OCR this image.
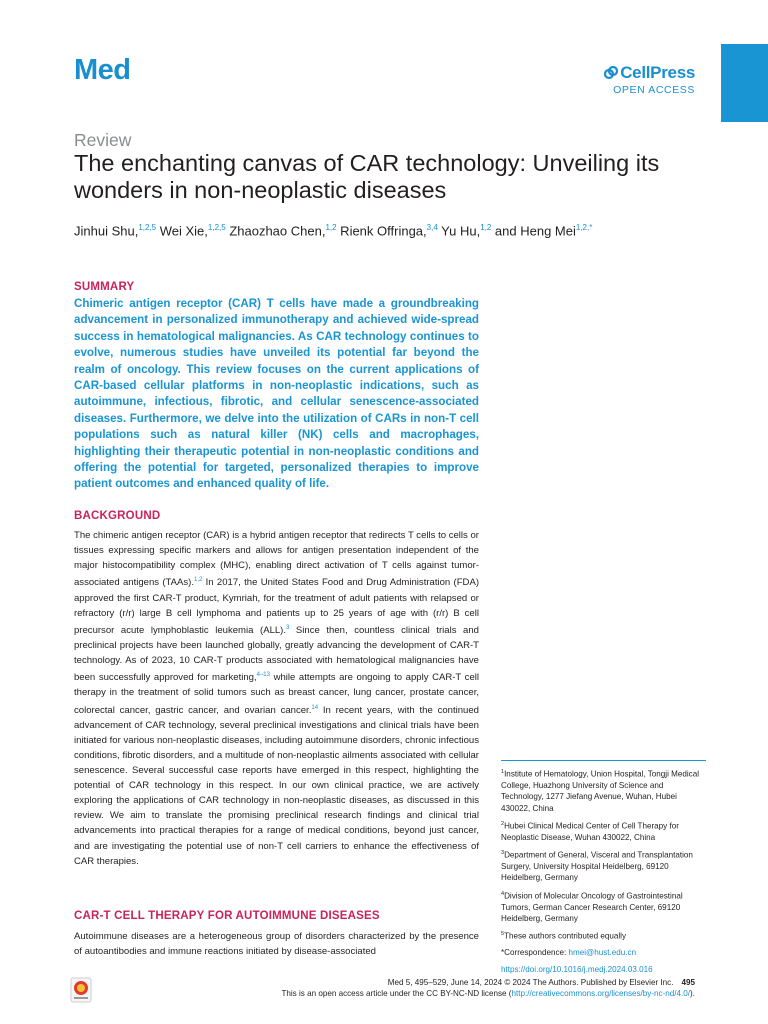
Med	CellPress
OPEN ACCESS
Review
The enchanting canvas of CAR technology: Unveiling its wonders in non-neoplastic diseases
Jinhui Shu,$^{1,2,5}$ Wei Xie,$^{1,2,5}$ Zhaozhao Chen,$^{1,2}$ Rienk Offringa,$^{3,4}$ Yu Hu,$^{1,2}$ and Heng Mei$^{1,2,*}$
SUMMARY

Chimeric antigen receptor (CAR) T cells have made a groundbreaking advancement in personalized immunotherapy and achieved wide-spread success in hematological malignancies. As CAR technology continues to evolve, numerous studies have unveiled its potential far beyond the realm of oncology. This review focuses on the current applications of CAR-based cellular platforms in non-neoplastic indications, such as autoimmune, infectious, fibrotic, and cellular senescence-associated diseases. Furthermore, we delve into the utilization of CARs in non-T cell populations such as natural killer (NK) cells and macrophages, highlighting their therapeutic potential in non-neoplastic conditions and offering the potential for targeted, personalized therapies to improve patient outcomes and enhanced quality of life.

BACKGROUND

The chimeric antigen receptor (CAR) is a hybrid antigen receptor that redirects T cells to cells or tissues expressing specific markers and allows for antigen presentation independent of the major histocompatibility complex (MHC), enabling direct activation of T cells against tumor-associated antigens (TAAs).$^{1,2}$ In 2017, the United States Food and Drug Administration (FDA) approved the first CAR-T product, Kymriah, for the treatment of adult patients with relapsed or refractory (r/r) large B cell lymphoma and patients up to 25 years of age with (r/r) B cell precursor acute lymphoblastic leukemia (ALL).$^3$ Since then, countless clinical trials and preclinical projects have been launched globally, greatly advancing the development of CAR-T technology. As of 2023, 10 CAR-T products associated with hematological malignancies have been successfully approved for marketing,$^{4-13}$ while attempts are ongoing to apply CAR-T cell therapy in the treatment of solid tumors such as breast cancer, lung cancer, prostate cancer, colorectal cancer, gastric cancer, and ovarian cancer.$^{14}$ In recent years, with the continued advancement of CAR technology, several preclinical investigations and clinical trials have been initiated for various non-neoplastic diseases, including autoimmune disorders, chronic infectious conditions, fibrotic disorders, and a multitude of non-neoplastic ailments associated with cellular senescence. Several successful case reports have emerged in this respect, highlighting the potential of CAR technology in this respect. In our own clinical practice, we are actively exploring the applications of CAR technology in non-neoplastic diseases, as discussed in this review. We aim to translate the promising preclinical research findings and clinical trial advancements into practical therapies for a range of medical conditions, beyond just cancer, and are investigating the potential use of non-T cell carriers to enhance the effectiveness of CAR therapies.

CAR-T CELL THERAPY FOR AUTOIMMUNE DISEASES

Autoimmune diseases are a heterogeneous group of disorders characterized by the presence of autoantibodies and immune reactions initiated by disease-associated

$^1$Institute of Hematology, Union Hospital, Tongji Medical College, Huazhong University of Science and Technology, 1277 Jiefang Avenue, Wuhan, Hubei 430022, China
$^2$Hubei Clinical Medical Center of Cell Therapy for Neoplastic Disease, Wuhan 430022, China
$^3$Department of General, Visceral and Transplantation Surgery, University Hospital Heidelberg, 69120 Heidelberg, Germany
$^4$Division of Molecular Oncology of Gastrointestinal Tumors, German Cancer Research Center, 69120 Heidelberg, Germany
$^5$These authors contributed equally
*Correspondence: hmei@hust.edu.cn
https://doi.org/10.1016/j.medj.2024.03.016
Med 5, 495–529, June 14, 2024 © 2024 The Authors. Published by Elsevier Inc. 495
This is an open access article under the CC BY-NC-ND license (http://creativecommons.org/licenses/by-nc-nd/4.0/).
